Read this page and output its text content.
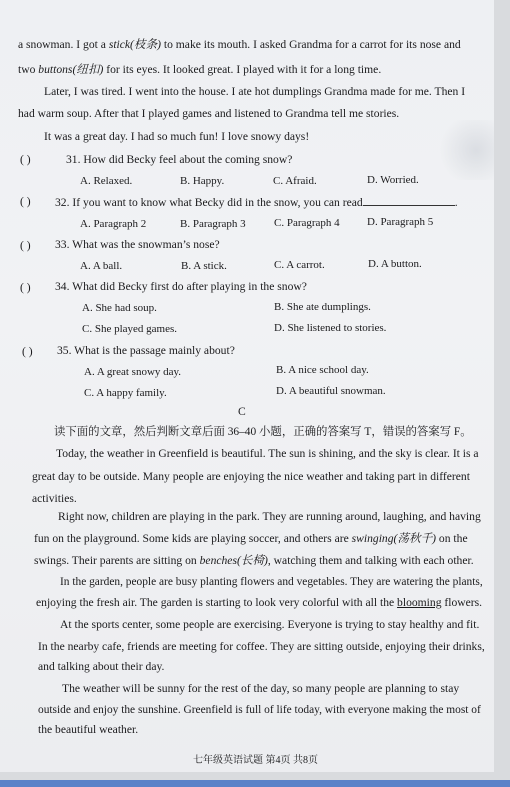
a snowman. I got a stick(枝条) to make its mouth. I asked Grandma for a carrot for its nose and
two buttons(纽扣) for its eyes. It looked great. I played with it for a long time.
Later, I was tired. I went into the house. I ate hot dumplings Grandma made for me. Then I
had warm soup. After that I played games and listened to Grandma tell me stories.
It was a great day. I had so much fun! I love snowy days!
( )	31. How did Becky feel about the coming snow?
A. Relaxed.	B. Happy.	C. Afraid.	D. Worried.
( ) 32. If you want to know what Becky did in the snow, you can read	.
A. Paragraph 2	B. Paragraph 3	C. Paragraph 4 D. Paragraph 5
( ) 33. What was the snowman’s nose?
A. A ball.	B. A stick.	C. A carrot.	D. A button.
( ) 34. What did Becky first do after playing in the snow?
A. She had soup.	B. She ate dumplings.
C. She played games.	D. She listened to stories.
( ) 35. What is the passage mainly about?
A. A great snowy day.	B. A nice school day.
C. A happy family.	D. A beautiful snowman.
C
读下面的文章，然后判断文章后面 36–40 小题，正确的答案写 T，错误的答案写 F。
Today, the weather in Greenfield is beautiful. The sun is shining, and the sky is clear. It is a
great day to be outside. Many people are enjoying the nice weather and taking part in different
activities.
Right now, children are playing in the park. They are running around, laughing, and having
fun on the playground. Some kids are playing soccer, and others are swinging(荡秋千) on the
swings. Their parents are sitting on benches(长椅), watching them and talking with each other.
In the garden, people are busy planting flowers and vegetables. They are watering the plants,
enjoying the fresh air. The garden is starting to look very colorful with all the blooming flowers.
At the sports center, some people are exercising. Everyone is trying to stay healthy and fit.
In the nearby cafe, friends are meeting for coffee. They are sitting outside, enjoying their drinks,
and talking about their day.
The weather will be sunny for the rest of the day, so many people are planning to stay
outside and enjoy the sunshine. Greenfield is full of life today, with everyone making the most of
the beautiful weather.
七年级英语试题 第4页 共8页
